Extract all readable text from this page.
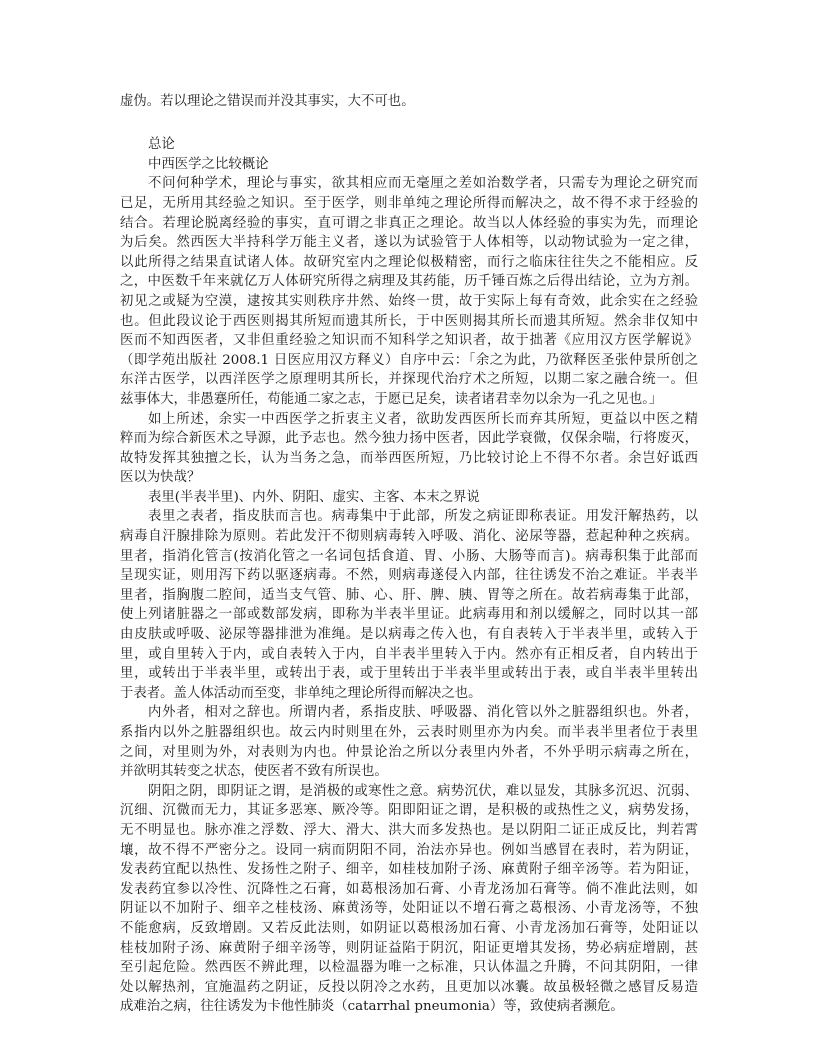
虚伪。若以理论之错误而并没其事实，大不可也。
总论
中西医学之比较概论
不问何种学术，理论与事实，欲其相应而无毫厘之差如治数学者，只需专为理论之研究而
已足，无所用其经验之知识。至于医学，则非单纯之理论所得而解决之，故不得不求于经验的
结合。若理论脱离经验的事实，直可谓之非真正之理论。故当以人体经验的事实为先，而理论
为后矣。然西医大半持科学万能主义者，遂以为试验管于人体相等，以动物试验为一定之律，
以此所得之结果直试诸人体。故研究室内之理论似极精密，而行之临床往往失之不能相应。反
之，中医数千年来就亿万人体研究所得之病理及其药能，历千锤百炼之后得出结论，立为方剂。
初见之或疑为空漠，逮按其实则秩序井然、始终一贯，故于实际上每有奇效，此余实在之经验
也。但此段议论于西医则揭其所短而遗其所长，于中医则揭其所长而遗其所短。然余非仅知中
医而不知西医者，又非但重经验之知识而不知科学之知识者，故于拙著《应用汉方医学解说》
（即学苑出版社 2008.1 日医应用汉方释义）自序中云：「余之为此，乃欲释医圣张仲景所创之
东洋古医学，以西洋医学之原理明其所长，并探现代治疗术之所短，以期二家之融合统一。但
兹事体大，非愚蹇所任，苟能通二家之志，于愿已足矣，读者诸君幸勿以余为一孔之见也。」
如上所述，余实一中西医学之折衷主义者，欲助发西医所长而弃其所短，更益以中医之精
粹而为综合新医术之导源，此予志也。然今独力扬中医者，因此学衰微，仅保余喘，行将废灭，
故特发挥其独擅之长，认为当务之急，而举西医所短，乃比较讨论上不得不尔者。余岂好诋西
医以为快哉？
表里(半表半里)、内外、阴阳、虚实、主客、本末之界说
表里之表者，指皮肤而言也。病毒集中于此部，所发之病证即称表证。用发汗解热药，以
病毒自汗腺排除为原则。若此发汗不彻则病毒转入呼吸、消化、泌尿等器，惹起种种之疾病。
里者，指消化管言(按消化管之一名词包括食道、胃、小肠、大肠等而言)。病毒积集于此部而
呈现实证，则用泻下药以驱逐病毒。不然，则病毒遂侵入内部，往往诱发不治之难证。半表半
里者，指胸腹二腔间，适当支气管、肺、心、肝、脾、胰、胃等之所在。故若病毒集于此部，
使上列诸脏器之一部或数部发病，即称为半表半里证。此病毒用和剂以缓解之，同时以其一部
由皮肤或呼吸、泌尿等器排泄为准绳。是以病毒之传入也，有自表转入于半表半里，或转入于
里，或自里转入于内，或自表转入于内，自半表半里转入于内。然亦有正相反者，自内转出于
里，或转出于半表半里，或转出于表，或于里转出于半表半里或转出于表，或自半表半里转出
于表者。盖人体活动而至变，非单纯之理论所得而解决之也。
内外者，相对之辞也。所谓内者，系指皮肤、呼吸器、消化管以外之脏器组织也。外者，
系指内以外之脏器组织也。故云内时则里在外，云表时则里亦为内矣。而半表半里者位于表里
之间，对里则为外，对表则为内也。仲景论治之所以分表里内外者，不外乎明示病毒之所在，
并欲明其转变之状态，使医者不致有所误也。
阴阳之阴，即阴证之谓，是消极的或寒性之意。病势沉伏，难以显发，其脉多沉迟、沉弱、
沉细、沉微而无力，其证多恶寒、厥冷等。阳即阳证之谓，是积极的或热性之义，病势发扬，
无不明显也。脉亦准之浮数、浮大、滑大、洪大而多发热也。是以阴阳二证正成反比，判若霄
壤，故不得不严密分之。设同一病而阴阳不同，治法亦异也。例如当感冒在表时，若为阴证，
发表药宜配以热性、发扬性之附子、细辛，如桂枝加附子汤、麻黄附子细辛汤等。若为阳证，
发表药宜参以冷性、沉降性之石膏，如葛根汤加石膏、小青龙汤加石膏等。倘不准此法则，如
阴证以不加附子、细辛之桂枝汤、麻黄汤等，处阳证以不增石膏之葛根汤、小青龙汤等，不独
不能愈病，反致增剧。又若反此法则，如阴证以葛根汤加石膏、小青龙汤加石膏等，处阳证以
桂枝加附子汤、麻黄附子细辛汤等，则阴证益陷于阴沉，阳证更增其发扬，势必病症增剧，甚
至引起危险。然西医不辨此理，以检温器为唯一之标准，只认体温之升腾，不问其阴阳，一律
处以解热剂，宜施温药之阴证，反投以阴冷之水药，且更加以冰囊。故虽极轻微之感冒反易造
成难治之病，往往诱发为卡他性肺炎（catarrhal pneumonia）等，致使病者濒危。
